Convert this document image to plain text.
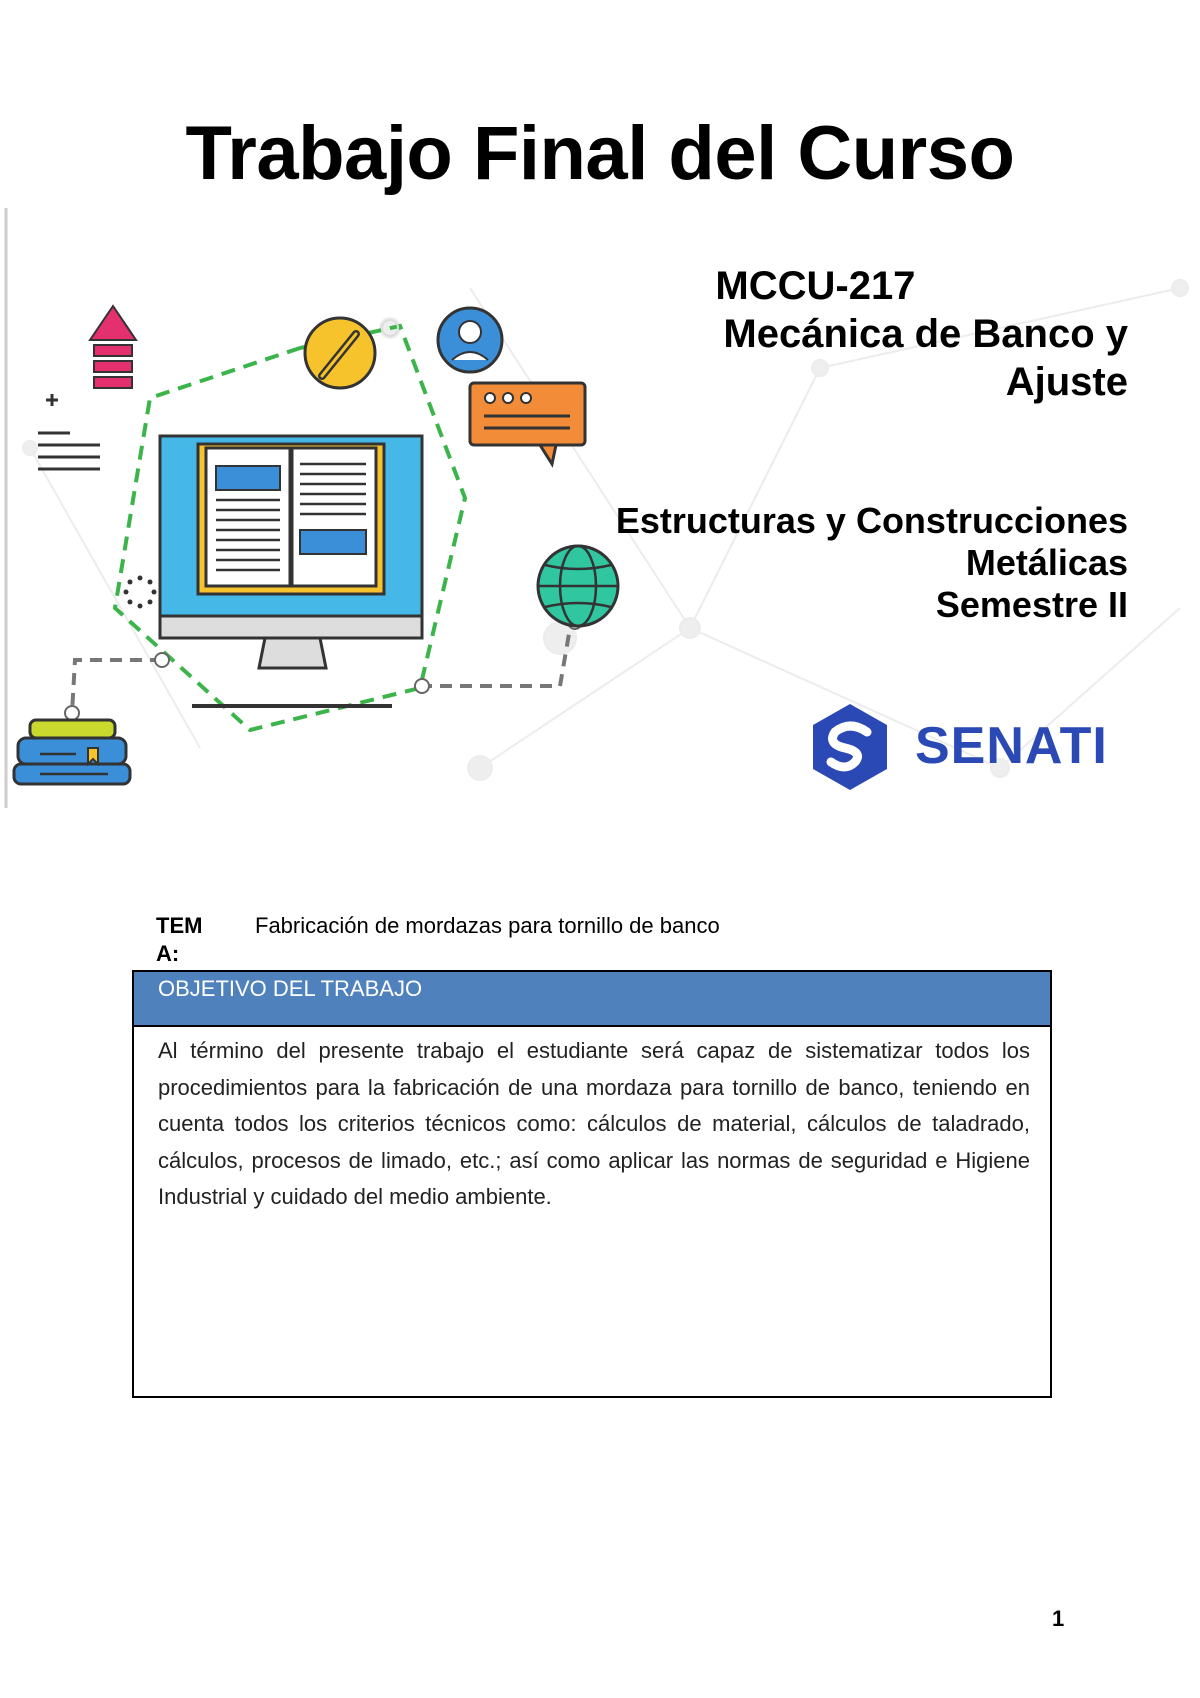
Trabajo Final del Curso
MCCU-217
Mecánica de Banco y
Ajuste
Estructuras y Construcciones
Metálicas
Semestre II
SENATI
TEMA:
Fabricación de mordazas para tornillo de banco
OBJETIVO DEL TRABAJO
Al término del presente trabajo el estudiante será capaz de sistematizar todos los procedimientos para la fabricación de una mordaza para tornillo de banco, teniendo en cuenta todos los criterios técnicos como: cálculos de material, cálculos de taladrado, cálculos, procesos de limado, etc.; así como aplicar las normas de seguridad e Higiene Industrial y cuidado del medio ambiente.
1
